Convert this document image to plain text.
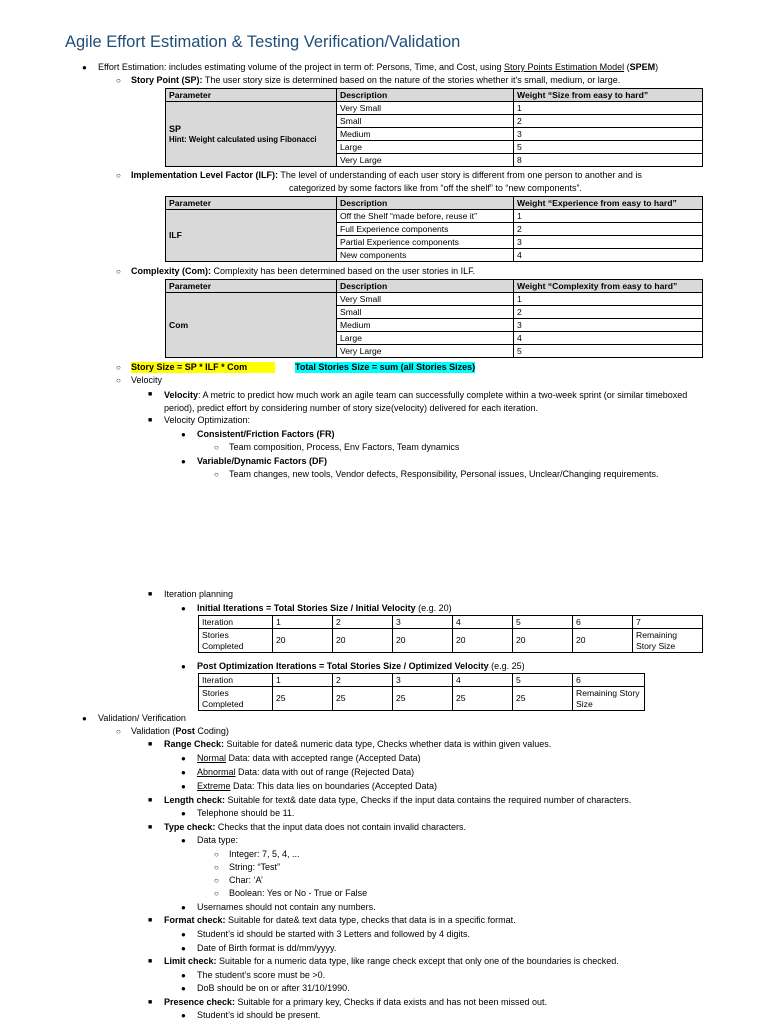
Agile Effort Estimation & Testing Verification/Validation
● Effort Estimation: includes estimating volume of the project in term of: Persons, Time, and Cost, using Story Points Estimation Model (SPEM)
○ Story Point (SP): The user story size is determined based on the nature of the stories whether it's small, medium, or large.
Parameter	Description	Weight “Size from easy to hard”

SP
Hint: Weight calculated using Fibonacci	Very Small	1
	Small	2
	Medium	3
	Large	5
	Very Large	8
○ Implementation Level Factor (ILF): The level of understanding of each user story is different from one person to another and is
categorized by some factors like from “off the shelf” to “new components”.
Parameter	Description	Weight “Experience from easy to hard”
ILF	Off the Shelf “made before, reuse it”	1
	Full Experience components	2
	Partial Experience components	3
	New components	4
○ Complexity (Com): Complexity has been determined based on the user stories in ILF.
Parameter	Description	Weight “Complexity from easy to hard”
Com	Very Small	1
	Small	2
	Medium	3
	Large	4
	Very Large	5
○ Story Size = SP * ILF * Com	Total Stories Size = sum (all Stories Sizes)
○ Velocity
■ Velocity: A metric to predict how much work an agile team can successfully complete within a two-week sprint (or similar timeboxed period), predict effort by considering number of story size(velocity) delivered for each iteration.
■ Velocity Optimization:
● Consistent/Friction Factors (FR)
○ Team composition, Process, Env Factors, Team dynamics
● Variable/Dynamic Factors (DF)
○ Team changes, new tools, Vendor defects, Responsibility, Personal issues, Unclear/Changing requirements.
■ Iteration planning
● Initial Iterations = Total Stories Size / Initial Velocity (e.g. 20)
Iteration	1	2	3	4	5	6	7
Stories Completed	20	20	20	20	20	20	Remaining Story Size
● Post Optimization Iterations = Total Stories Size / Optimized Velocity (e.g. 25)
Iteration	1	2	3	4	5	6
Stories Completed	25	25	25	25	25	Remaining Story Size
● Validation/ Verification
○ Validation (Post Coding)
■ Range Check: Suitable for date& numeric data type, Checks whether data is within given values.
● Normal Data: data with accepted range (Accepted Data)
● Abnormal Data: data with out of range (Rejected Data)
● Extreme Data: This data lies on boundaries (Accepted Data)
■ Length check: Suitable for text& date data type, Checks if the input data contains the required number of characters.
● Telephone should be 11.
■ Type check: Checks that the input data does not contain invalid characters.
● Data type:
○ Integer: 7, 5, 4, ...
○ String: “Test”
○ Char: ‘A’
○ Boolean: Yes or No - True or False
● Usernames should not contain any numbers.
■ Format check: Suitable for date& text data type, checks that data is in a specific format.
● Student’s id should be started with 3 Letters and followed by 4 digits.
● Date of Birth format is dd/mm/yyyy.
■ Limit check: Suitable for a numeric data type, like range check except that only one of the boundaries is checked.
● The student’s score must be >0.
● DoB should be on or after 31/10/1990.
■ Presence check: Suitable for a primary key, Checks if data exists and has not been missed out.
● Student’s id should be present.
